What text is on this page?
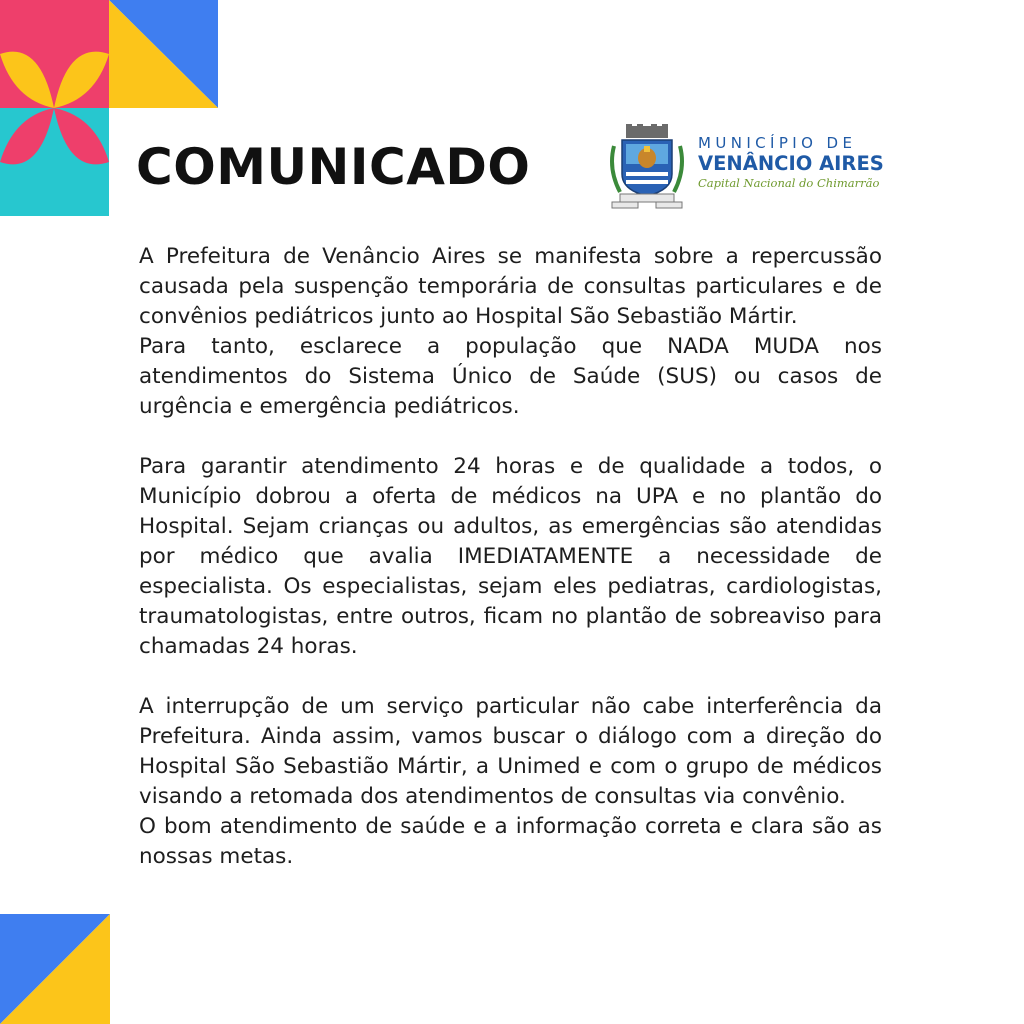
COMUNICADO	MUNICÍPIO DE
VENÂNCIO AIRES
Capital Nacional do Chimarrão

A Prefeitura de Venâncio Aires se manifesta sobre a repercussão causada pela suspenção temporária de consultas particulares e de convênios pediátricos junto ao Hospital São Sebastião Mártir.

Para tanto, esclarece a população que NADA MUDA nos atendimentos do Sistema Único de Saúde (SUS) ou casos de urgência e emergência pediátricos.

Para garantir atendimento 24 horas e de qualidade a todos, o Município dobrou a oferta de médicos na UPA e no plantão do Hospital. Sejam crianças ou adultos, as emergências são atendidas por médico que avalia IMEDIATAMENTE a necessidade de especialista. Os especialistas, sejam eles pediatras, cardiologistas, traumatologistas, entre outros, ficam no plantão de sobreaviso para chamadas 24 horas.

A interrupção de um serviço particular não cabe interferência da Prefeitura. Ainda assim, vamos buscar o diálogo com a direção do Hospital São Sebastião Mártir, a Unimed e com o grupo de médicos visando a retomada dos atendimentos de consultas via convênio.

O bom atendimento de saúde e a informação correta e clara são as nossas metas.
